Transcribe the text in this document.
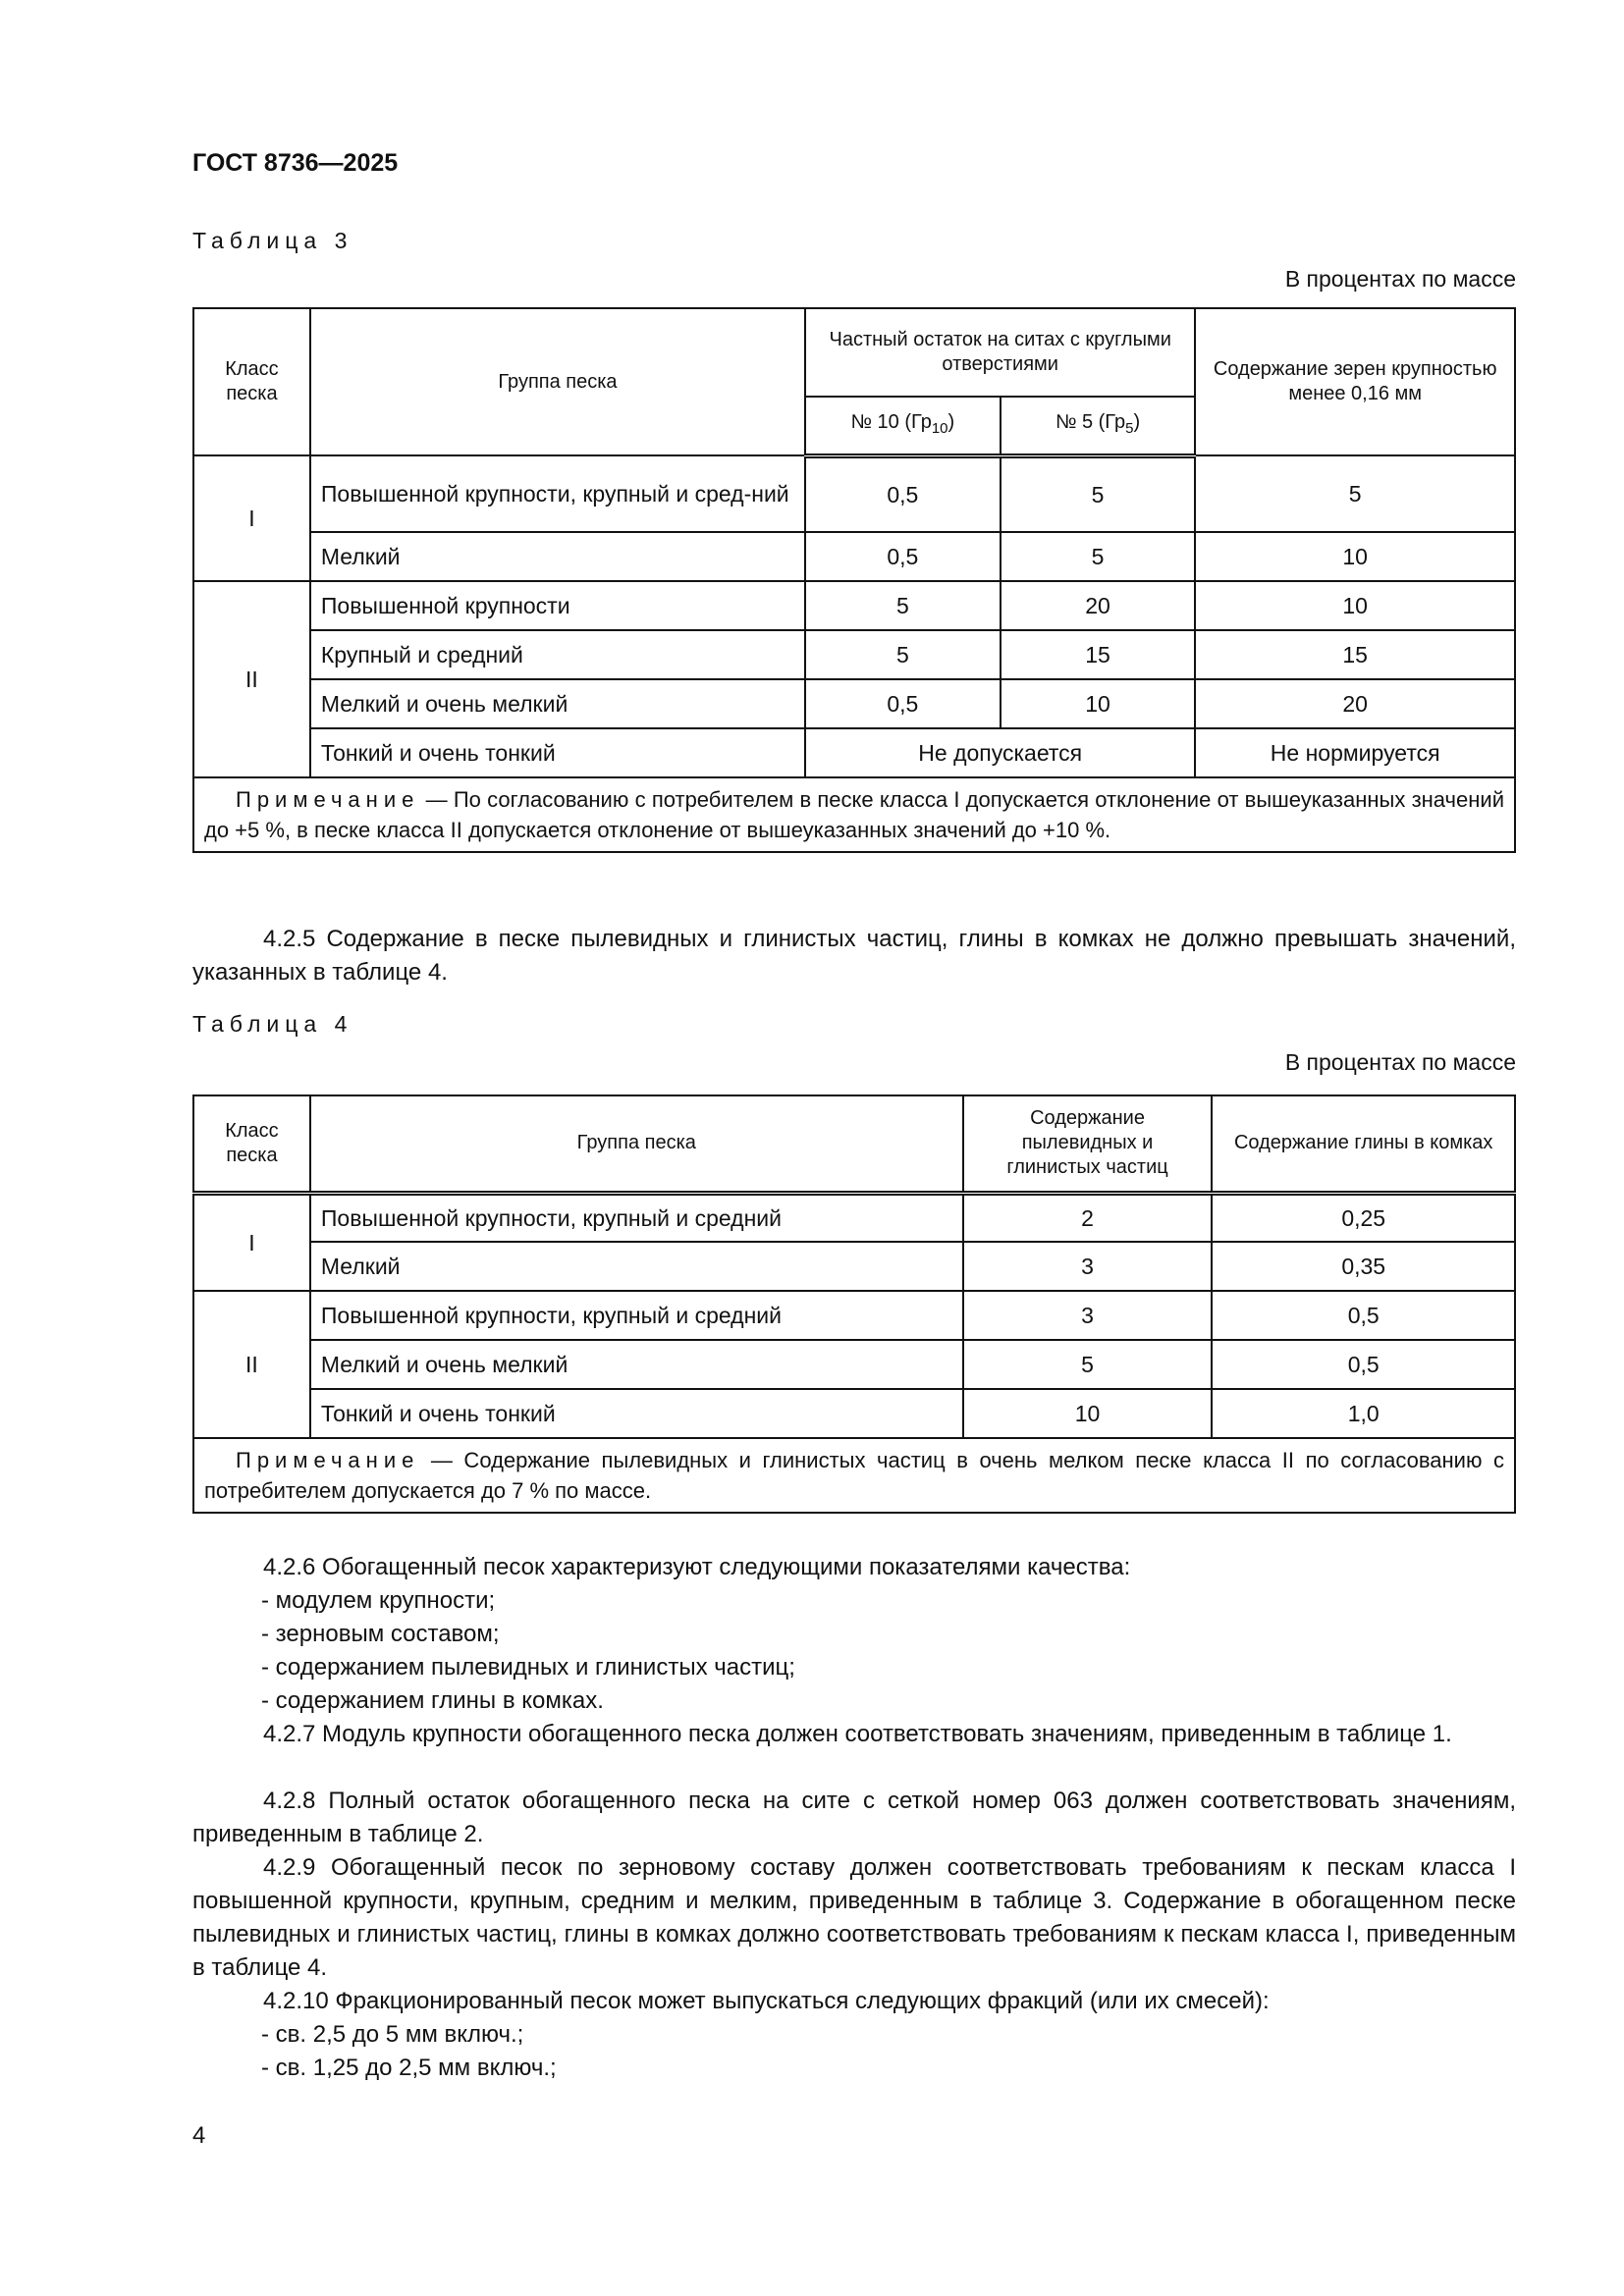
ГОСТ 8736—2025
Таблица 3
В процентах по массе
Класс песка	Группа песка	Частный остаток на ситах с круглыми отверстиями		Содержание зерен крупностью менее 0,16 мм
		№ 10 $(Гр_{10})$	№ 5 $(Гр_5)$	
I	Повышенной крупности, крупный и сред-ний	0,5	5	5
	Мелкий	0,5	5	10
II	Повышенной крупности	5	20	10
	Крупный и средний	5	15	15
	Мелкий и очень мелкий	0,5	10	20
	Тонкий и очень тонкий	Не допускается		Не нормируется
Примечание — По согласованию с потребителем в песке класса I допускается отклонение от вышеуказанных значений до +5 %, в песке класса II допускается отклонение от вышеуказанных значений до +10 %.				
4.2.5 Содержание в песке пылевидных и глинистых частиц, глины в комках не должно превышать значений, указанных в таблице 4.
Таблица 4
В процентах по массе
Класс песка	Группа песка	Содержание пылевидных и глинистых частиц	Содержание глины в комках
I	Повышенной крупности, крупный и средний	2	0,25
	Мелкий	3	0,35
II	Повышенной крупности, крупный и средний	3	0,5
	Мелкий и очень мелкий	5	0,5
	Тонкий и очень тонкий	10	1,0
Примечание — Содержание пылевидных и глинистых частиц в очень мелком песке класса II по согласованию с потребителем допускается до 7 % по массе.			
4.2.6 Обогащенный песок характеризуют следующими показателями качества:
- модулем крупности;
- зерновым составом;
- содержанием пылевидных и глинистых частиц;
- содержанием глины в комках.
4.2.7 Модуль крупности обогащенного песка должен соответствовать значениям, приведенным в таблице 1.
4.2.8 Полный остаток обогащенного песка на сите с сеткой номер 063 должен соответствовать значениям, приведенным в таблице 2.
4.2.9 Обогащенный песок по зерновому составу должен соответствовать требованиям к пескам класса I повышенной крупности, крупным, средним и мелким, приведенным в таблице 3. Содержание в обогащенном песке пылевидных и глинистых частиц, глины в комках должно соответствовать требованиям к пескам класса I, приведенным в таблице 4.
4.2.10 Фракционированный песок может выпускаться следующих фракций (или их смесей):
- св. 2,5 до 5 мм включ.;
- св. 1,25 до 2,5 мм включ.;
4
